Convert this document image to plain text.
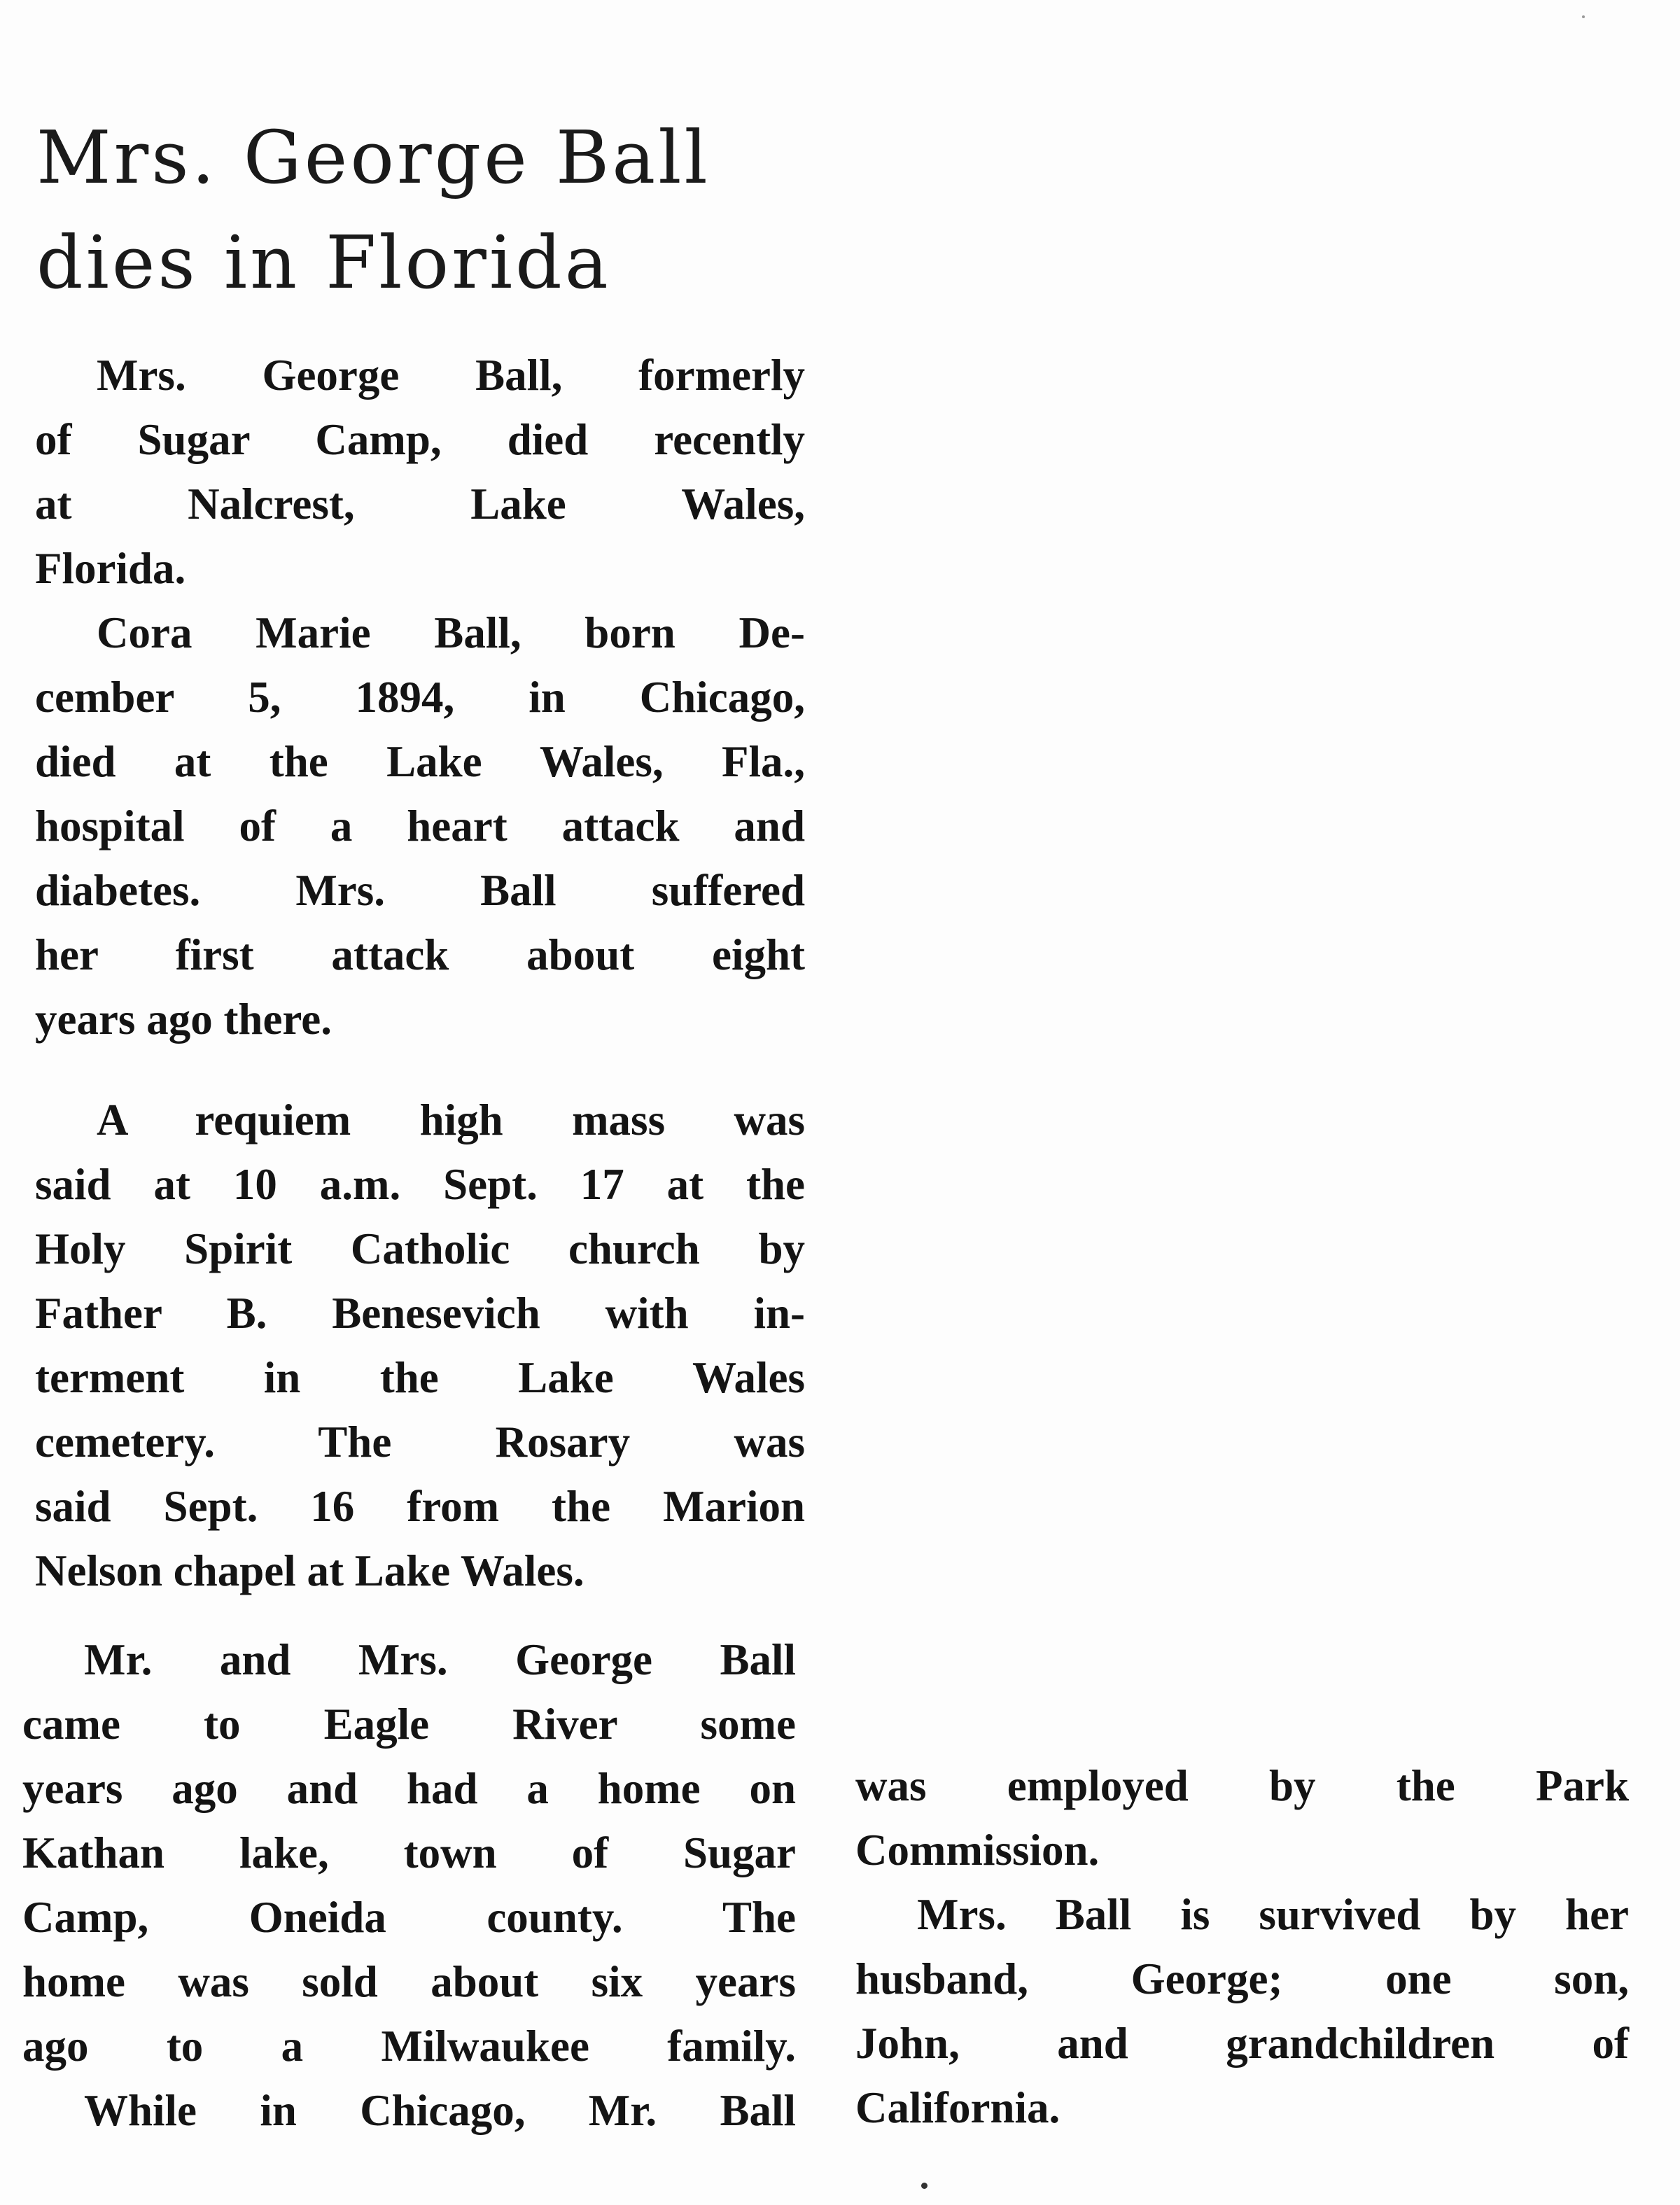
Mrs. George Ball
dies in Florida

Mrs. George Ball, formerly
of Sugar Camp, died recently
at Nalcrest, Lake Wales,
Florida.

Cora Marie Ball, born De-
cember 5, 1894, in Chicago,
died at the Lake Wales, Fla.,
hospital of a heart attack and
diabetes. Mrs. Ball suffered
her first attack about eight
years ago there.

A requiem high mass was
said at 10 a.m. Sept. 17 at the
Holy Spirit Catholic church by
Father B. Benesevich with in-
terment in the Lake Wales
cemetery. The Rosary was
said Sept. 16 from the Marion
Nelson chapel at Lake Wales.

Mr. and Mrs. George Ball
came to Eagle River some
years ago and had a home on
Kathan lake, town of Sugar
Camp, Oneida county. The
home was sold about six years
ago to a Milwaukee family.

While in Chicago, Mr. Ball

was employed by the Park
Commission.

Mrs. Ball is survived by her
husband, George; one son,
John, and grandchildren of
California.
